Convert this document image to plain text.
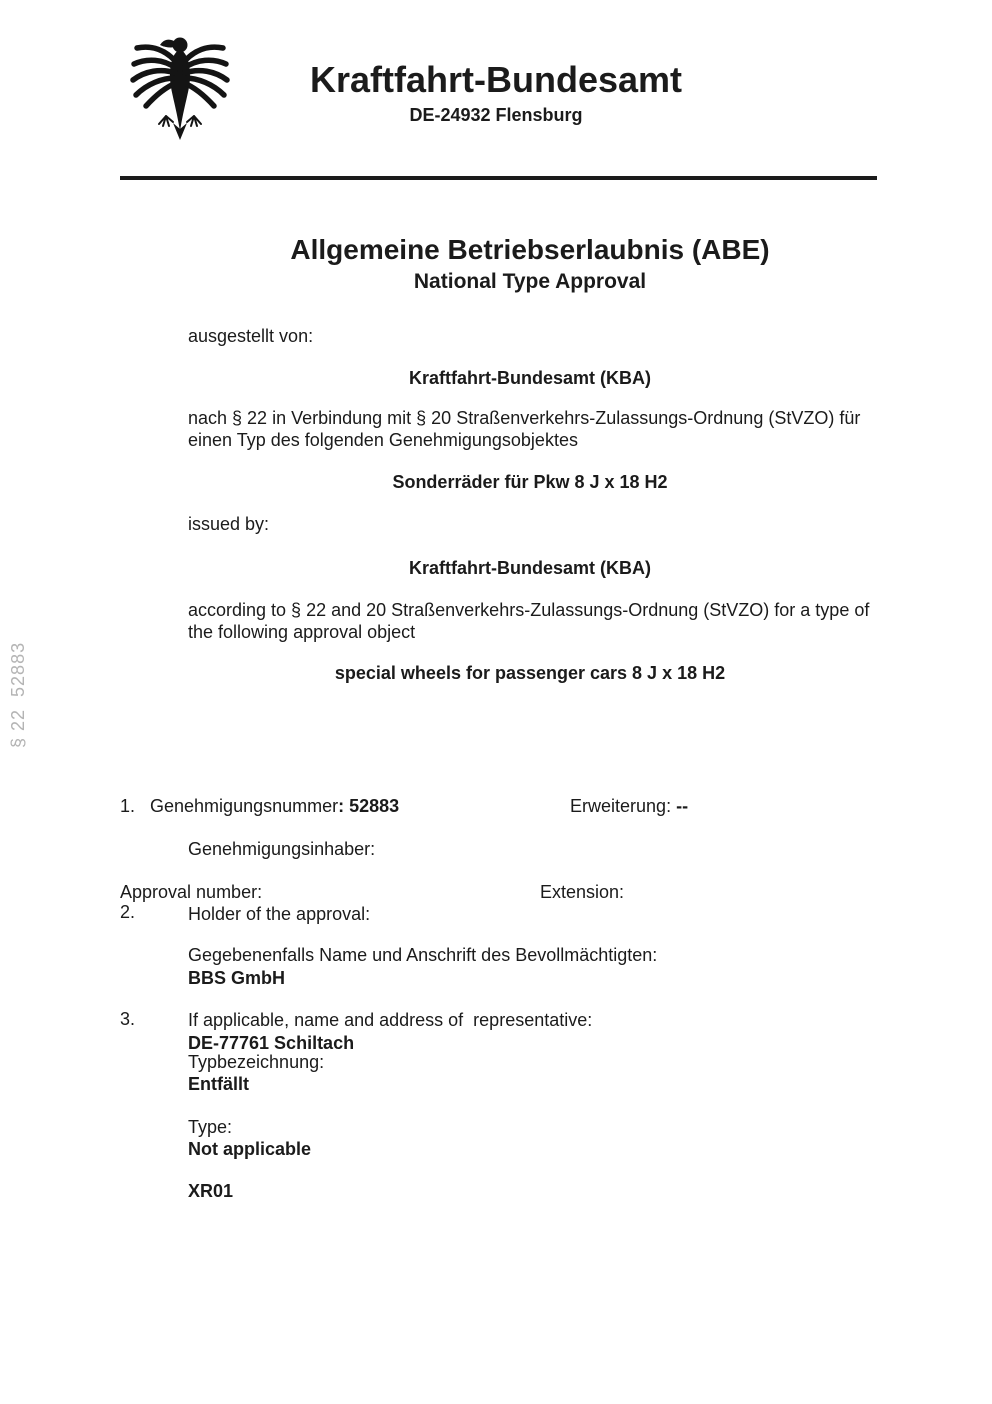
§ 22  52883
Kraftfahrt-Bundesamt
DE-24932 Flensburg
Allgemeine Betriebserlaubnis (ABE)
National Type Approval
ausgestellt von:
Kraftfahrt-Bundesamt (KBA)
nach § 22 in Verbindung mit § 20 Straßenverkehrs-Zulassungs-Ordnung (StVZO) für einen Typ des folgenden Genehmigungsobjektes
Sonderräder für Pkw 8 J x 18 H2
issued by:
Kraftfahrt-Bundesamt (KBA)
according to § 22 and 20 Straßenverkehrs-Zulassungs-Ordnung (StVZO) for a type of the following approval object
special wheels for passenger cars 8 J x 18 H2

Genehmigungsnummer: 52883

Approval number:

Erweiterung: --

Extension:

1.

Genehmigungsinhaber:

Holder of the approval:

BBS GmbH

DE-77761 Schiltach

2.

Gegebenenfalls Name und Anschrift des Bevollmächtigten:

If applicable, name and address of  representative:

Entfällt

Not applicable

3.

Typbezeichnung:

Type:

XR01
